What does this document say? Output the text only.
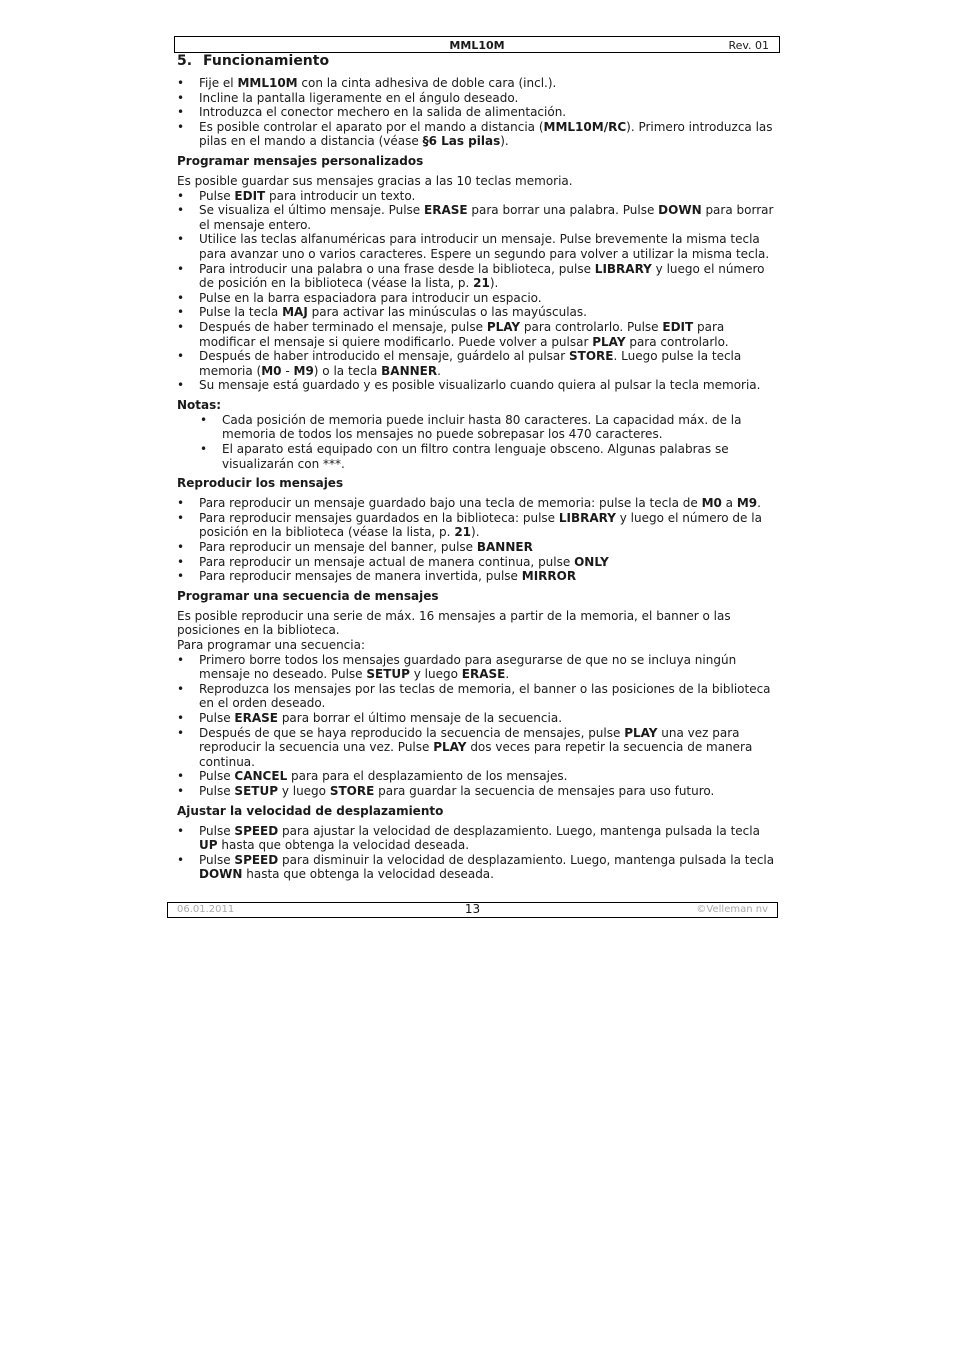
MML10M	Rev. 01
5. Funcionamiento
• Fije el MML10M con la cinta adhesiva de doble cara (incl.).
• Incline la pantalla ligeramente en el ángulo deseado.
• Introduzca el conector mechero en la salida de alimentación.
• Es posible controlar el aparato por el mando a distancia (MML10M/RC). Primero introduzca las pilas en el mando a distancia (véase §6 Las pilas).
Programar mensajes personalizados

Es posible guardar sus mensajes gracias a las 10 teclas memoria.

• Pulse EDIT para introducir un texto.
• Se visualiza el último mensaje. Pulse ERASE para borrar una palabra. Pulse DOWN para borrar el mensaje entero.
• Utilice las teclas alfanuméricas para introducir un mensaje. Pulse brevemente la misma tecla para avanzar uno o varios caracteres. Espere un segundo para volver a utilizar la misma tecla.
• Para introducir una palabra o una frase desde la biblioteca, pulse LIBRARY y luego el número de posición en la biblioteca (véase la lista, p. 21).
• Pulse en la barra espaciadora para introducir un espacio.
• Pulse la tecla MAJ para activar las minúsculas o las mayúsculas.
• Después de haber terminado el mensaje, pulse PLAY para controlarlo. Pulse EDIT para modificar el mensaje si quiere modificarlo. Puede volver a pulsar PLAY para controlarlo.
• Después de haber introducido el mensaje, guárdelo al pulsar STORE. Luego pulse la tecla memoria (M0 - M9) o la tecla BANNER.
• Su mensaje está guardado y es posible visualizarlo cuando quiera al pulsar la tecla memoria.
Notas:
• Cada posición de memoria puede incluir hasta 80 caracteres. La capacidad máx. de la memoria de todos los mensajes no puede sobrepasar los 470 caracteres.
• El aparato está equipado con un filtro contra lenguaje obsceno. Algunas palabras se visualizarán con ***.
Reproducir los mensajes
• Para reproducir un mensaje guardado bajo una tecla de memoria: pulse la tecla de M0 a M9.
• Para reproducir mensajes guardados en la biblioteca: pulse LIBRARY y luego el número de la posición en la biblioteca (véase la lista, p. 21).
• Para reproducir un mensaje del banner, pulse BANNER
• Para reproducir un mensaje actual de manera continua, pulse ONLY
• Para reproducir mensajes de manera invertida, pulse MIRROR
Programar una secuencia de mensajes

Es posible reproducir una serie de máx. 16 mensajes a partir de la memoria, el banner o las posiciones en la biblioteca.

Para programar una secuencia:

• Primero borre todos los mensajes guardado para asegurarse de que no se incluya ningún mensaje no deseado. Pulse SETUP y luego ERASE.
• Reproduzca los mensajes por las teclas de memoria, el banner o las posiciones de la biblioteca en el orden deseado.
• Pulse ERASE para borrar el último mensaje de la secuencia.
• Después de que se haya reproducido la secuencia de mensajes, pulse PLAY una vez para reproducir la secuencia una vez. Pulse PLAY dos veces para repetir la secuencia de manera continua.
• Pulse CANCEL para para el desplazamiento de los mensajes.
• Pulse SETUP y luego STORE para guardar la secuencia de mensajes para uso futuro.
Ajustar la velocidad de desplazamiento
• Pulse SPEED para ajustar la velocidad de desplazamiento. Luego, mantenga pulsada la tecla UP hasta que obtenga la velocidad deseada.
• Pulse SPEED para disminuir la velocidad de desplazamiento. Luego, mantenga pulsada la tecla DOWN hasta que obtenga la velocidad deseada.
06.01.2011	13	©Velleman nv
